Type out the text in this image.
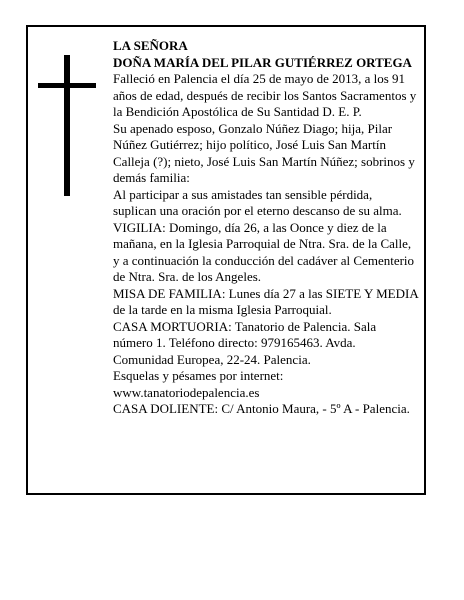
LA SEÑORA

DOÑA MARÍA DEL PILAR GUTIÉRREZ ORTEGA

Falleció en Palencia el día 25 de mayo de 2013, a los 91 años de edad, después de recibir los Santos Sacramentos y la Bendición Apostólica de Su Santidad D. E. P.

Su apenado esposo, Gonzalo Núñez Diago; hija, Pilar Núñez Gutiérrez; hijo político, José Luis San Martín Calleja (?); nieto, José Luis San Martín Núñez; sobrinos y demás familia:

Al participar a sus amistades tan sensible pérdida, suplican una oración por el eterno descanso de su alma.

VIGILIA: Domingo, día 26, a las Oonce y diez de la mañana, en la Iglesia Parroquial de Ntra. Sra. de la Calle, y a continuación la conducción del cadáver al Cementerio de Ntra. Sra. de los Angeles.

MISA DE FAMILIA: Lunes día 27 a las SIETE Y MEDIA de la tarde en la misma Iglesia Parroquial.

CASA MORTUORIA: Tanatorio de Palencia. Sala número 1. Teléfono directo: 979165463. Avda. Comunidad Europea, 22-24. Palencia.

Esquelas y pésames por internet: www.tanatoriodepalencia.es

CASA DOLIENTE: C/ Antonio Maura, - 5º A - Palencia.
